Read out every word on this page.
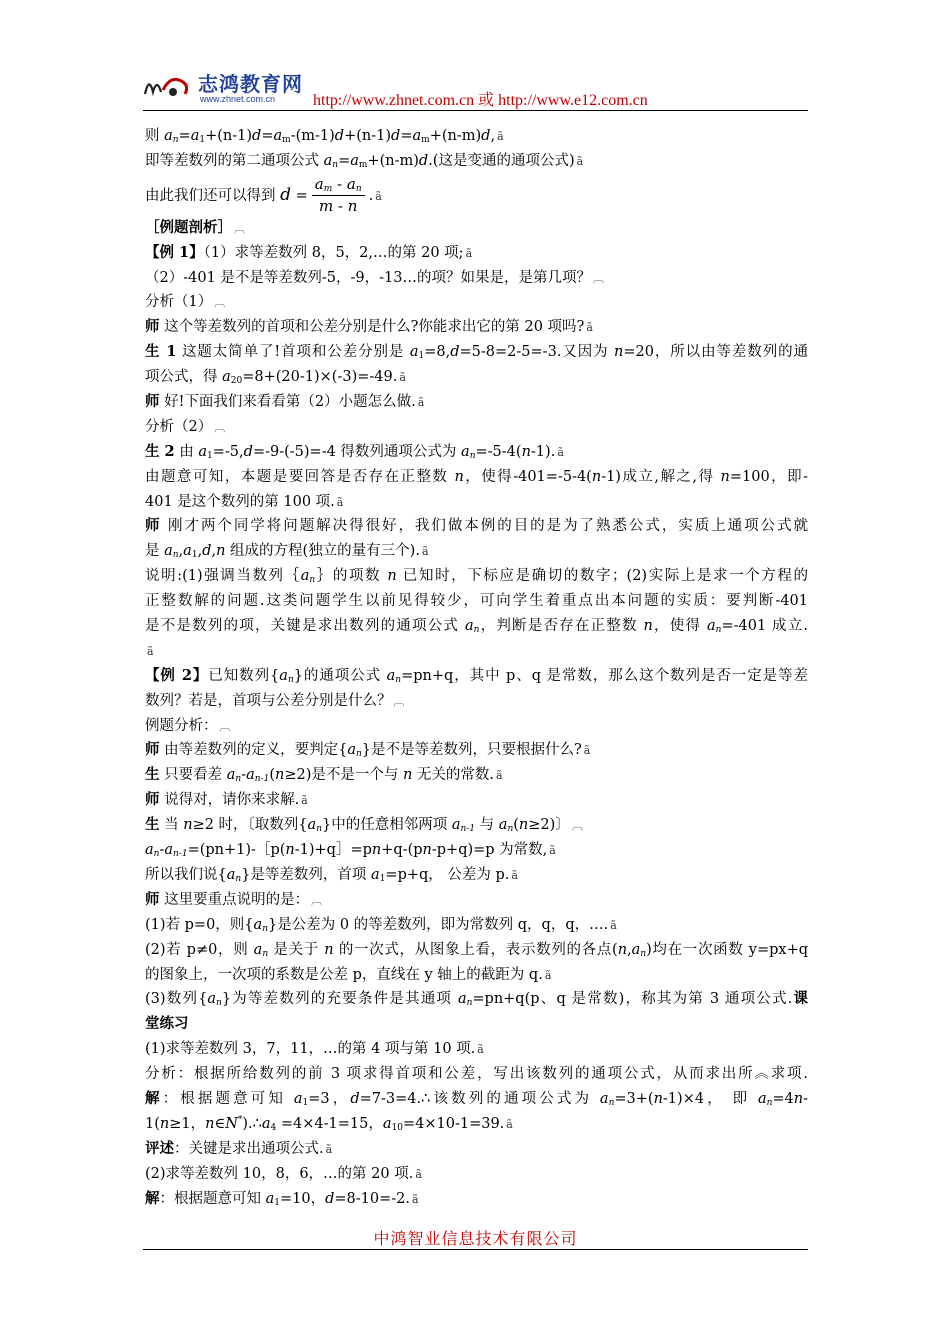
志鸿教育网
www.zhnet.com.cn http://www.zhnet.com.cn 或 http://www.e12.com.cn
则 $a_n=a_1+(n-1)d=a_m-(m-1)d+(n-1)d=a_m+(n-m)d$, ã
即等差数列的第二通项公式 $a_n=a_m+(n-m)d$.(这是变通的通项公式) ã
由此我们还可以得到 $d = \frac{a_m - a_n}{m - n}$ . ã
［例题剖析］ ︹
【例 1】（1）求等差数列 8，5，2,…的第 20 项; ã
（2）-401 是不是等差数列-5，-9，-13…的项？如果是，是第几项？ ︹
分析（1） ︹
师 这个等差数列的首项和公差分别是什么?你能求出它的第 20 项吗? ã
生 1 这题太简单了!首项和公差分别是 $a_1=8,d=5-8=2-5=-3$.又因为 n=20，所以由等差数列的通
项公式，得 $a_{20}=8+(20-1)\times(-3)=-49$. ã
师 好!下面我们来看看第（2）小题怎么做. ã
分析（2） ︹
生 2 由 $a_1=-5,d=-9-(-5)=-4$ 得数列通项公式为 $a_n=-5-4(n-1)$. ã
由题意可知，本题是要回答是否存在正整数 n，使得-401=-5-4(n-1)成立,解之,得 n=100，即-
401 是这个数列的第 100 项. ã
师 刚才两个同学将问题解决得很好，我们做本例的目的是为了熟悉公式，实质上通项公式就
是 $a_n,a_1,d,n$ 组成的方程(独立的量有三个). ã
说明:(1)强调当数列$\{a_n\}$的项数 n 已知时，下标应是确切的数字；(2)实际上是求一个方程的
正整数解的问题.这类问题学生以前见得较少，可向学生着重点出本问题的实质：要判断-401
是不是数列的项，关键是求出数列的通项公式 $a_n$，判断是否存在正整数 n，使得 $a_n=-401$ 成立.
ã
【例 2】已知数列$\{a_n\}$的通项公式 $a_n=pn+q$，其中 p、q 是常数，那么这个数列是否一定是等差
数列？若是，首项与公差分别是什么？ ︹
例题分析： ︹
师 由等差数列的定义，要判定$\{a_n\}$是不是等差数列，只要根据什么? ã
生 只要看差 $a_n-a_{n-1}(n\ge 2)$是不是一个与 n 无关的常数. ã
师 说得对，请你来求解. ã
生 当 n≥2 时，〔取数列$\{a_n\}$中的任意相邻两项 $a_{n-1}$ 与 $a_n(n\ge 2)$〕 ︹
$a_n-a_{n-1}=(pn+1)-[p(n-1)+q]=pn+q-(pn-p+q)=p$ 为常数, ã
所以我们说$\{a_n\}$是等差数列，首项 $a_1=p+q$， 公差为 p. ã
师 这里要重点说明的是： ︹
(1)若 p=0，则$\{a_n\}$是公差为 0 的等差数列，即为常数列 q，q，q，…. ã
(2)若 p≠0，则 $a_n$ 是关于 n 的一次式，从图象上看，表示数列的各点$(n,a_n)$均在一次函数 y=px+q
的图象上，一次项的系数是公差 p，直线在 y 轴上的截距为 q. ã
(3)数列$\{a_n\}$为等差数列的充要条件是其通项 $a_n=pn+q(p$、q 是常数)，称其为第 3 通项公式.课
堂练习
(1)求等差数列 3，7，11，…的第 4 项与第 10 项. ã
分析：根据所给数列的前 3 项求得首项和公差，写出该数列的通项公式，从而求出所︽求项.
解：根据题意可知 $a_1=3$，d=7-3=4.∴该数列的通项公式为 $a_n=3+(n-1)\times 4$， 即 $a_n=4n-$
1(n≥1，$n\in N^*).\therefore a_4 =4\times 4-1=15$，$a_{10}=4\times 10-1=39$. ã
评述：关键是求出通项公式. ã
(2)求等差数列 10，8，6，…的第 20 项. ã
解：根据题意可知 $a_1=10$，d=8-10=-2. ã
中鸿智业信息技术有限公司
